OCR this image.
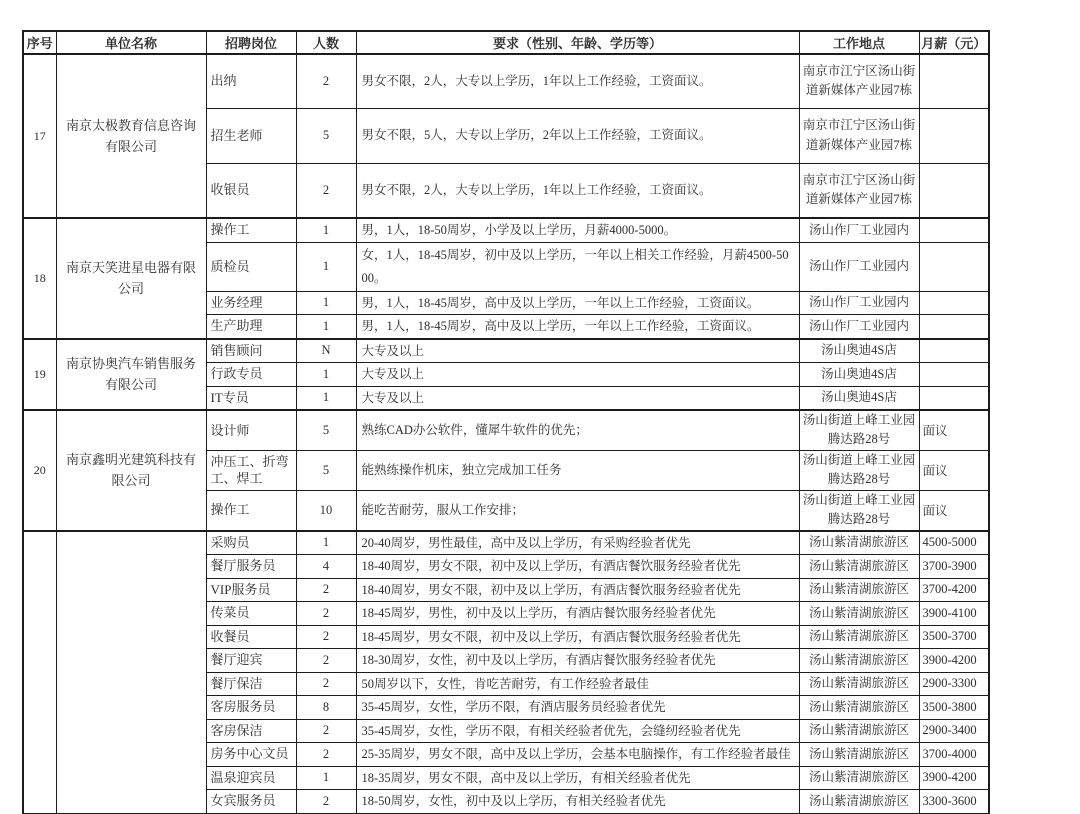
序号	单位名称	招聘岗位	人数	要求（性别、年龄、学历等）	工作地点	月薪（元）
17	南京太极教育信息咨询有限公司	出纳	2	男女不限，2人，大专以上学历，1年以上工作经验，工资面议。	南京市江宁区汤山街道新媒体产业园7栋	
		招生老师	5	男女不限，5人，大专以上学历，2年以上工作经验，工资面议。	南京市江宁区汤山街道新媒体产业园7栋	
		收银员	2	男女不限，2人，大专以上学历，1年以上工作经验，工资面议。	南京市江宁区汤山街道新媒体产业园7栋	
18	南京天笑进星电器有限公司	操作工	1	男，1人，18-50周岁，小学及以上学历，月薪4000-5000。	汤山作厂工业园内	
		质检员	1	女，1人，18-45周岁，初中及以上学历，一年以上相关工作经验，月薪4500-5000。	汤山作厂工业园内	
		业务经理	1	男，1人，18-45周岁，高中及以上学历，一年以上工作经验，工资面议。	汤山作厂工业园内	
		生产助理	1	男，1人，18-45周岁，高中及以上学历，一年以上工作经验，工资面议。	汤山作厂工业园内	
19	南京协奥汽车销售服务有限公司	销售顾问	N	大专及以上	汤山奥迪4S店	
		行政专员	1	大专及以上	汤山奥迪4S店	
		IT专员	1	大专及以上	汤山奥迪4S店	
20	南京鑫明光建筑科技有限公司	设计师	5	熟练CAD办公软件，懂犀牛软件的优先；	汤山街道上峰工业园腾达路28号	面议
		冲压工、折弯工、焊工	5	能熟练操作机床，独立完成加工任务	汤山街道上峰工业园腾达路28号	面议
		操作工	10	能吃苦耐劳，服从工作安排；	汤山街道上峰工业园腾达路28号	面议
		采购员	1	20-40周岁，男性最佳，高中及以上学历，有采购经验者优先	汤山紫清湖旅游区	4500-5000
		餐厅服务员	4	18-40周岁，男女不限，初中及以上学历，有酒店餐饮服务经验者优先	汤山紫清湖旅游区	3700-3900
		VIP服务员	2	18-40周岁，男女不限，初中及以上学历，有酒店餐饮服务经验者优先	汤山紫清湖旅游区	3700-4200
		传菜员	2	18-45周岁，男性，初中及以上学历，有酒店餐饮服务经验者优先	汤山紫清湖旅游区	3900-4100
		收餐员	2	18-45周岁，男女不限，初中及以上学历，有酒店餐饮服务经验者优先	汤山紫清湖旅游区	3500-3700
		餐厅迎宾	2	18-30周岁，女性，初中及以上学历，有酒店餐饮服务经验者优先	汤山紫清湖旅游区	3900-4200
		餐厅保洁	2	50周岁以下，女性，肯吃苦耐劳，有工作经验者最佳	汤山紫清湖旅游区	2900-3300
		客房服务员	8	35-45周岁，女性，学历不限，有酒店服务员经验者优先	汤山紫清湖旅游区	3500-3800
		客房保洁	2	35-45周岁，女性，学历不限，有相关经验者优先，会缝纫经验者优先	汤山紫清湖旅游区	2900-3400
		房务中心文员	2	25-35周岁，男女不限，高中及以上学历，会基本电脑操作，有工作经验者最佳	汤山紫清湖旅游区	3700-4000
		温泉迎宾员	1	18-35周岁，男女不限，高中及以上学历，有相关经验者优先	汤山紫清湖旅游区	3900-4200
		女宾服务员	2	18-50周岁，女性，初中及以上学历，有相关经验者优先	汤山紫清湖旅游区	3300-3600
